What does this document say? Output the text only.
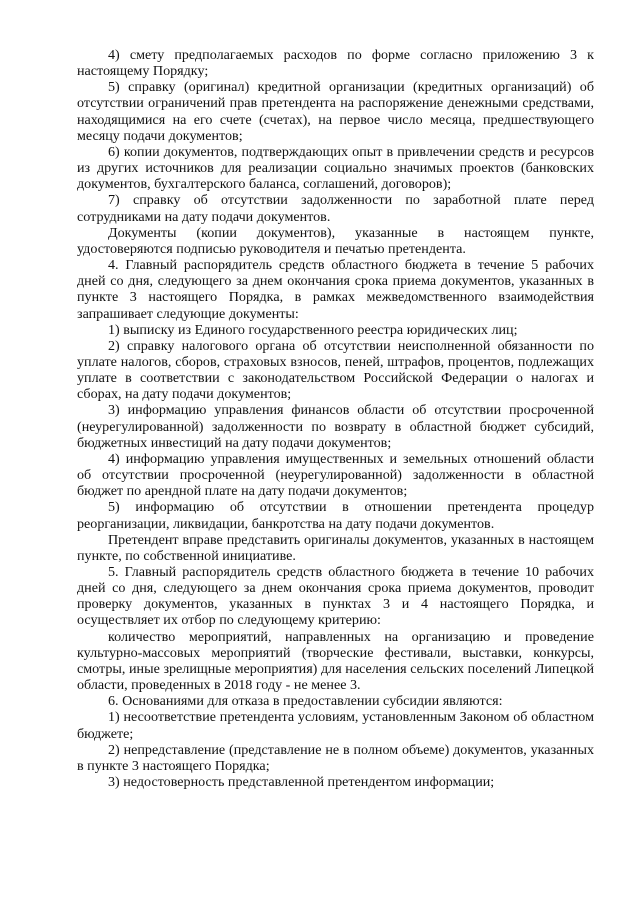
4) смету предполагаемых расходов по форме согласно приложению 3 к настоящему Порядку;

5) справку (оригинал) кредитной организации (кредитных организаций) об отсутствии ограничений прав претендента на распоряжение денежными средствами, находящимися на его счете (счетах), на первое число месяца, предшествующего месяцу подачи документов;

6) копии документов, подтверждающих опыт в привлечении средств и ресурсов из других источников для реализации социально значимых проектов (банковских документов, бухгалтерского баланса, соглашений, договоров);

7) справку об отсутствии задолженности по заработной плате перед сотрудниками на дату подачи документов.

Документы (копии документов), указанные в настоящем пункте, удостоверяются подписью руководителя и печатью претендента.

4. Главный распорядитель средств областного бюджета в течение 5 рабочих дней со дня, следующего за днем окончания срока приема документов, указанных в пункте 3 настоящего Порядка, в рамках межведомственного взаимодействия запрашивает следующие документы:

1) выписку из Единого государственного реестра юридических лиц;

2) справку налогового органа об отсутствии неисполненной обязанности по уплате налогов, сборов, страховых взносов, пеней, штрафов, процентов, подлежащих уплате в соответствии с законодательством Российской Федерации о налогах и сборах, на дату подачи документов;

3) информацию управления финансов области об отсутствии просроченной (неурегулированной) задолженности по возврату в областной бюджет субсидий, бюджетных инвестиций на дату подачи документов;

4) информацию управления имущественных и земельных отношений области об отсутствии просроченной (неурегулированной) задолженности в областной бюджет по арендной плате на дату подачи документов;

5) информацию об отсутствии в отношении претендента процедур реорганизации, ликвидации, банкротства на дату подачи документов.

Претендент вправе представить оригиналы документов, указанных в настоящем пункте, по собственной инициативе.

5. Главный распорядитель средств областного бюджета в течение 10 рабочих дней со дня, следующего за днем окончания срока приема документов, проводит проверку документов, указанных в пунктах 3 и 4 настоящего Порядка, и осуществляет их отбор по следующему критерию:

количество мероприятий, направленных на организацию и проведение культурно-массовых мероприятий (творческие фестивали, выставки, конкурсы, смотры, иные зрелищные мероприятия) для населения сельских поселений Липецкой области, проведенных в 2018 году - не менее 3.

6. Основаниями для отказа в предоставлении субсидии являются:

1) несоответствие претендента условиям, установленным Законом об областном бюджете;

2) непредставление (представление не в полном объеме) документов, указанных в пункте 3 настоящего Порядка;

3) недостоверность представленной претендентом информации;
